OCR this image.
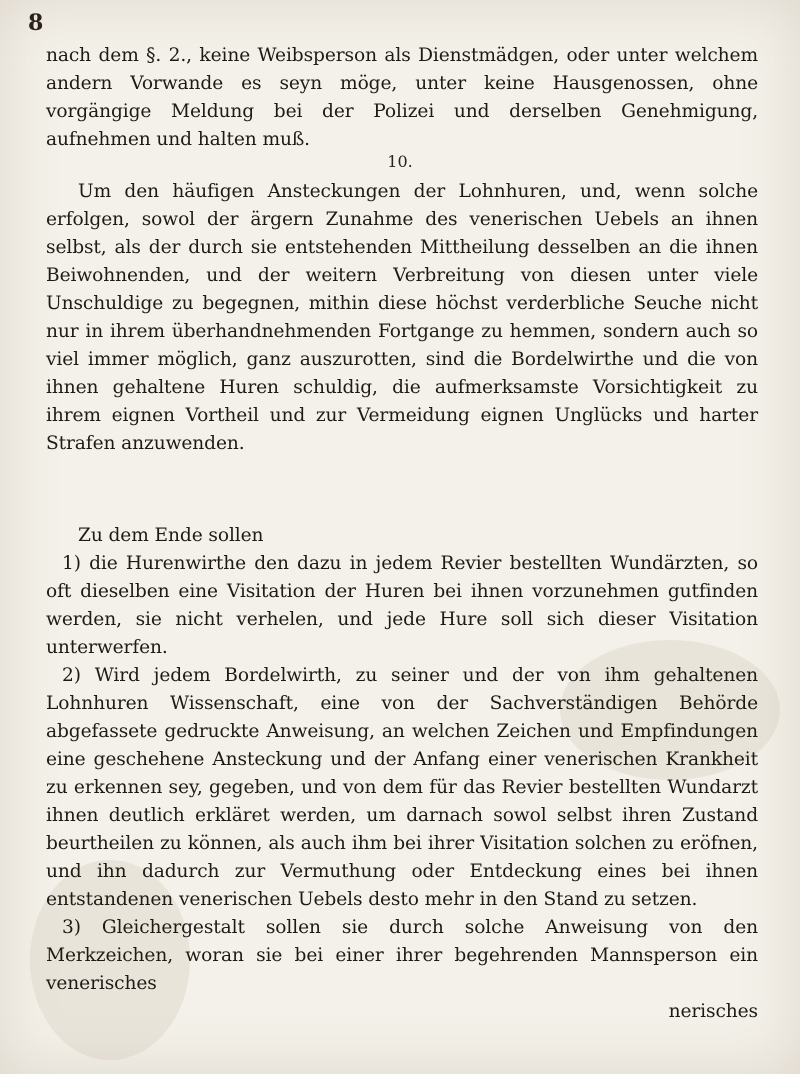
8
nach dem §. 2., keine Weibsperson als Dienstmädgen, oder unter welchem andern Vorwande es seyn möge, unter keine Hausgenossen, ohne vorgängige Meldung bei der Polizei und derselben Genehmigung, aufnehmen und halten muß.
10.
Um den häufigen Ansteckungen der Lohnhuren, und, wenn solche erfolgen, sowol der ärgern Zunahme des venerischen Uebels an ihnen selbst, als der durch sie entstehenden Mittheilung desselben an die ihnen Beiwohnenden, und der weitern Verbreitung von diesen unter viele Unschuldige zu begegnen, mithin diese höchst verderbliche Seuche nicht nur in ihrem überhandnehmenden Fortgange zu hemmen, sondern auch so viel immer möglich, ganz auszurotten, sind die Bordelwirthe und die von ihnen gehaltene Huren schuldig, die aufmerksamste Vorsichtigkeit zu ihrem eignen Vortheil und zur Vermeidung eignen Unglücks und harter Strafen anzuwenden.
Zu dem Ende sollen
1) die Hurenwirthe den dazu in jedem Revier bestellten Wundärzten, so oft dieselben eine Visitation der Huren bei ihnen vorzunehmen gutfinden werden, sie nicht verhelen, und jede Hure soll sich dieser Visitation unterwerfen.
2) Wird jedem Bordelwirth, zu seiner und der von ihm gehaltenen Lohnhuren Wissenschaft, eine von der Sachverständigen Behörde abgefassete gedruckte Anweisung, an welchen Zeichen und Empfindungen eine geschehene Ansteckung und der Anfang einer venerischen Krankheit zu erkennen sey, gegeben, und von dem für das Revier bestellten Wundarzt ihnen deutlich erkläret werden, um darnach sowol selbst ihren Zustand beurtheilen zu können, als auch ihm bei ihrer Visitation solchen zu eröfnen, und ihn dadurch zur Vermuthung oder Entdeckung eines bei ihnen entstandenen venerischen Uebels desto mehr in den Stand zu setzen.
3) Gleichergestalt sollen sie durch solche Anweisung von den Merkzeichen, woran sie bei einer ihrer begehrenden Mannsperson ein venerisches
nerisches
